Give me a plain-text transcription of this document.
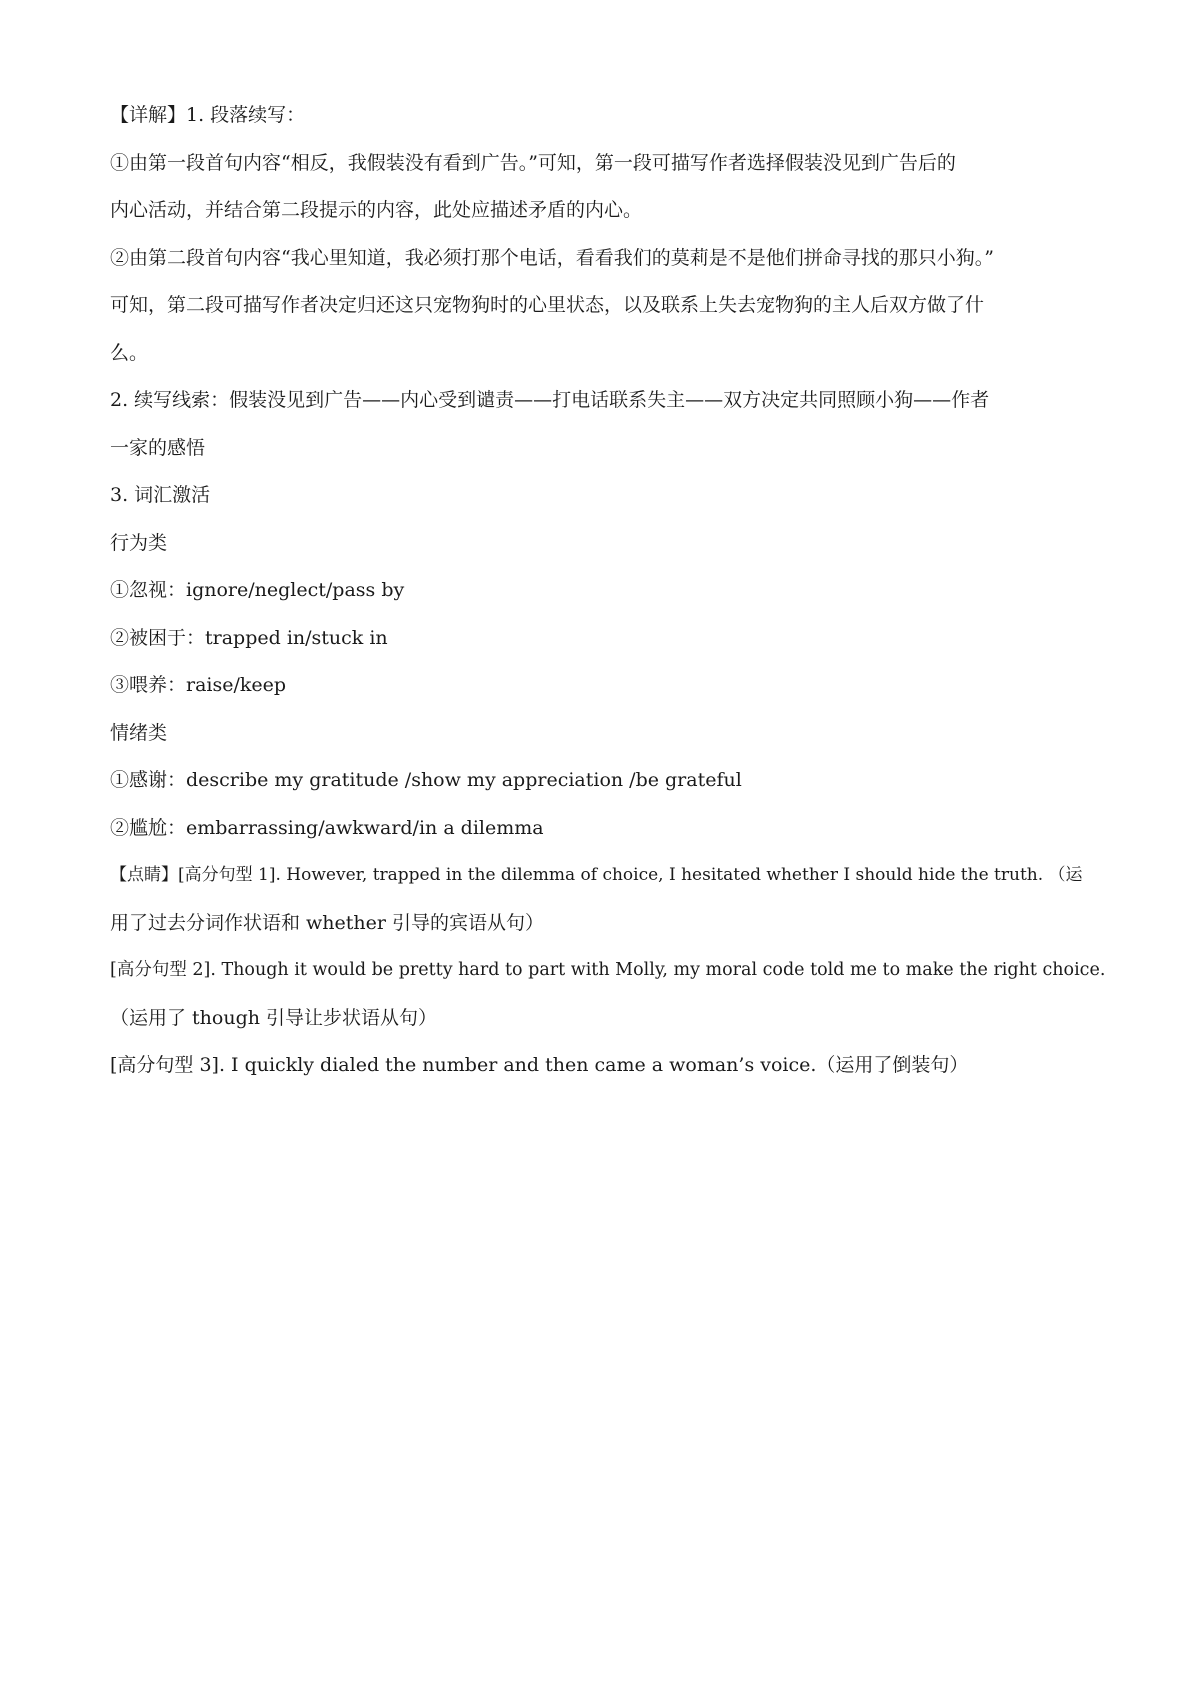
【详解】1. 段落续写：
①由第一段首句内容“相反，我假装没有看到广告。”可知，第一段可描写作者选择假装没见到广告后的
内心活动，并结合第二段提示的内容，此处应描述矛盾的内心。
②由第二段首句内容“我心里知道，我必须打那个电话，看看我们的莫莉是不是他们拼命寻找的那只小狗。”
可知，第二段可描写作者决定归还这只宠物狗时的心里状态，以及联系上失去宠物狗的主人后双方做了什
么。
2. 续写线索：假装没见到广告——内心受到谴责——打电话联系失主——双方决定共同照顾小狗——作者
一家的感悟
3. 词汇激活
行为类
①忽视：ignore/neglect/pass by
②被困于：trapped in/stuck in
③喂养：raise/keep
情绪类
①感谢：describe my gratitude /show my appreciation /be grateful
②尴尬：embarrassing/awkward/in a dilemma
【点睛】[高分句型 1]. However, trapped in the dilemma of choice, I hesitated whether I should hide the truth. （运
用了过去分词作状语和 whether 引导的宾语从句）
[高分句型 2]. Though it would be pretty hard to part with Molly, my moral code told me to make the right choice.
（运用了 though 引导让步状语从句）
[高分句型 3]. I quickly dialed the number and then came a woman’s voice.（运用了倒装句）
